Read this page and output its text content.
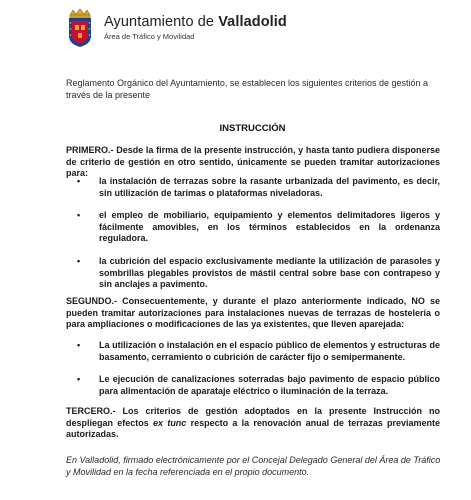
Ayuntamiento de Valladolid
Área de Tráfico y Movilidad
Reglamento Orgánico del Ayuntamiento, se establecen los siguientes criterios de gestión a través de la presente
INSTRUCCIÓN
PRIMERO.- Desde la firma de la presente instrucción, y hasta tanto pudiera disponerse de criterio de gestión en otro sentido, únicamente se pueden tramitar autorizaciones para:
• la instalación de terrazas sobre la rasante urbanizada del pavimento, es decir, sin utilización de tarimas o plataformas niveladoras.
• el empleo de mobiliario, equipamiento y elementos delimitadores ligeros y fácilmente amovibles, en los términos establecidos en la ordenanza reguladora.
• la cubrición del espacio exclusivamente mediante la utilización de parasoles y sombrillas plegables provistos de mástil central sobre base con contrapeso y sin anclajes a pavimento.
SEGUNDO.- Consecuentemente, y durante el plazo anteriormente indicado, NO se pueden tramitar autorizaciones para instalaciones nuevas de terrazas de hostelería o para ampliaciones o modificaciones de las ya existentes, que lleven aparejada:
• La utilización o instalación en el espacio público de elementos y estructuras de basamento, cerramiento o cubrición de carácter fijo o semipermanente.
• Le ejecución de canalizaciones soterradas bajo pavimento de espacio público para alimentación de aparataje eléctrico o iluminación de la terraza.
TERCERO.- Los criterios de gestión adoptados en la presente Instrucción no despliegan efectos ex tunc respecto a la renovación anual de terrazas previamente autorizadas.
En Valladolid, firmado electrónicamente por el Concejal Delegado General del Área de Tráfico y Movilidad en la fecha referenciada en el propio documento.
